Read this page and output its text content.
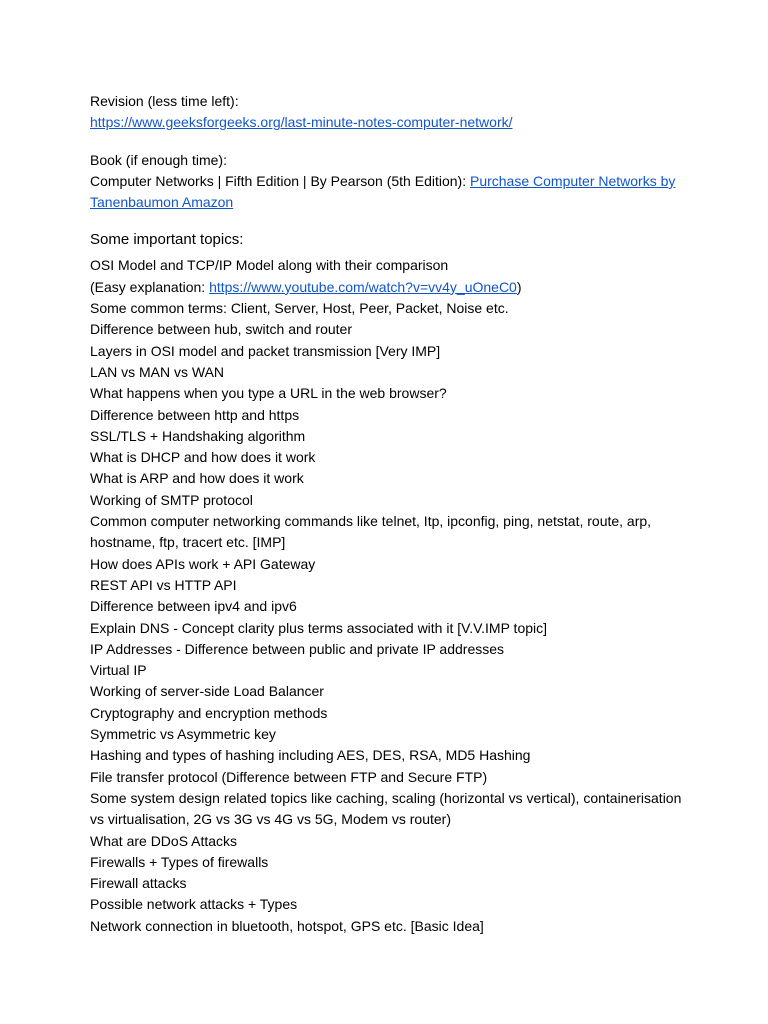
Revision (less time left):
https://www.geeksforgeeks.org/last-minute-notes-computer-network/
Book (if enough time):
Computer Networks | Fifth Edition | By Pearson (5th Edition): Purchase Computer Networks by Tanenbaumon Amazon
Some important topics:
OSI Model and TCP/IP Model along with their comparison
(Easy explanation: https://www.youtube.com/watch?v=vv4y_uOneC0)
Some common terms: Client, Server, Host, Peer, Packet, Noise etc.
Difference between hub, switch and router
Layers in OSI model and packet transmission [Very IMP]
LAN vs MAN vs WAN
What happens when you type a URL in the web browser?
Difference between http and https
SSL/TLS + Handshaking algorithm
What is DHCP and how does it work
What is ARP and how does it work
Working of SMTP protocol
Common computer networking commands like telnet, Itp, ipconfig, ping, netstat, route, arp, hostname, ftp, tracert etc. [IMP]
How does APIs work + API Gateway
REST API vs HTTP API
Difference between ipv4 and ipv6
Explain DNS - Concept clarity plus terms associated with it [V.V.IMP topic]
IP Addresses - Difference between public and private IP addresses
Virtual IP
Working of server-side Load Balancer
Cryptography and encryption methods
Symmetric vs Asymmetric key
Hashing and types of hashing including AES, DES, RSA, MD5 Hashing
File transfer protocol (Difference between FTP and Secure FTP)
Some system design related topics like caching, scaling (horizontal vs vertical), containerisation vs virtualisation, 2G vs 3G vs 4G vs 5G, Modem vs router)
What are DDoS Attacks
Firewalls + Types of firewalls
Firewall attacks
Possible network attacks + Types
Network connection in bluetooth, hotspot, GPS etc. [Basic Idea]
